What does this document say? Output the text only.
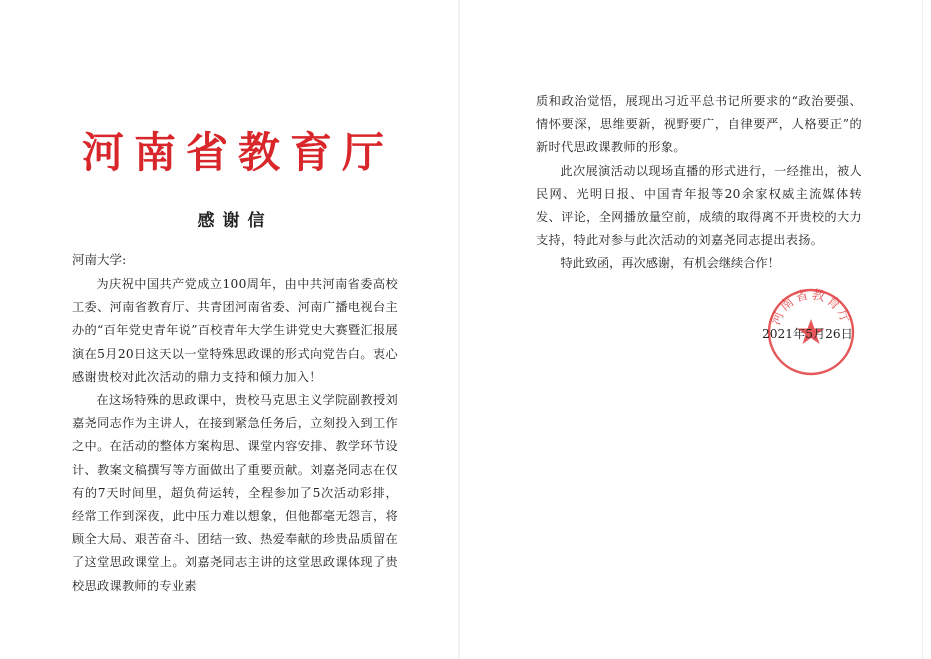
河南省教育厅
感谢信
河南大学:

为庆祝中国共产党成立100周年，由中共河南省委高校工委、河南省教育厅、共青团河南省委、河南广播电视台主办的“百年党史青年说”百校青年大学生讲党史大赛暨汇报展演在5月20日这天以一堂特殊思政课的形式向党告白。衷心感谢贵校对此次活动的鼎力支持和倾力加入！

在这场特殊的思政课中，贵校马克思主义学院副教授刘嘉尧同志作为主讲人，在接到紧急任务后，立刻投入到工作之中。在活动的整体方案构思、课堂内容安排、教学环节设计、教案文稿撰写等方面做出了重要贡献。刘嘉尧同志在仅有的7天时间里，超负荷运转，全程参加了5次活动彩排，经常工作到深夜，此中压力难以想象，但他都毫无怨言，将顾全大局、艰苦奋斗、团结一致、热爱奉献的珍贵品质留在了这堂思政课堂上。刘嘉尧同志主讲的这堂思政课体现了贵校思政课教师的专业素

质和政治觉悟，展现出习近平总书记所要求的“政治要强、情怀要深，思维要新，视野要广，自律要严，人格要正”的新时代思政课教师的形象。

此次展演活动以现场直播的形式进行，一经推出，被人民网、光明日报、中国青年报等20余家权威主流媒体转发、评论，全网播放量空前，成绩的取得离不开贵校的大力支持，特此对参与此次活动的刘嘉尧同志提出表扬。

特此致函，再次感谢，有机会继续合作！
河南省教育厅
2021年5月26日
